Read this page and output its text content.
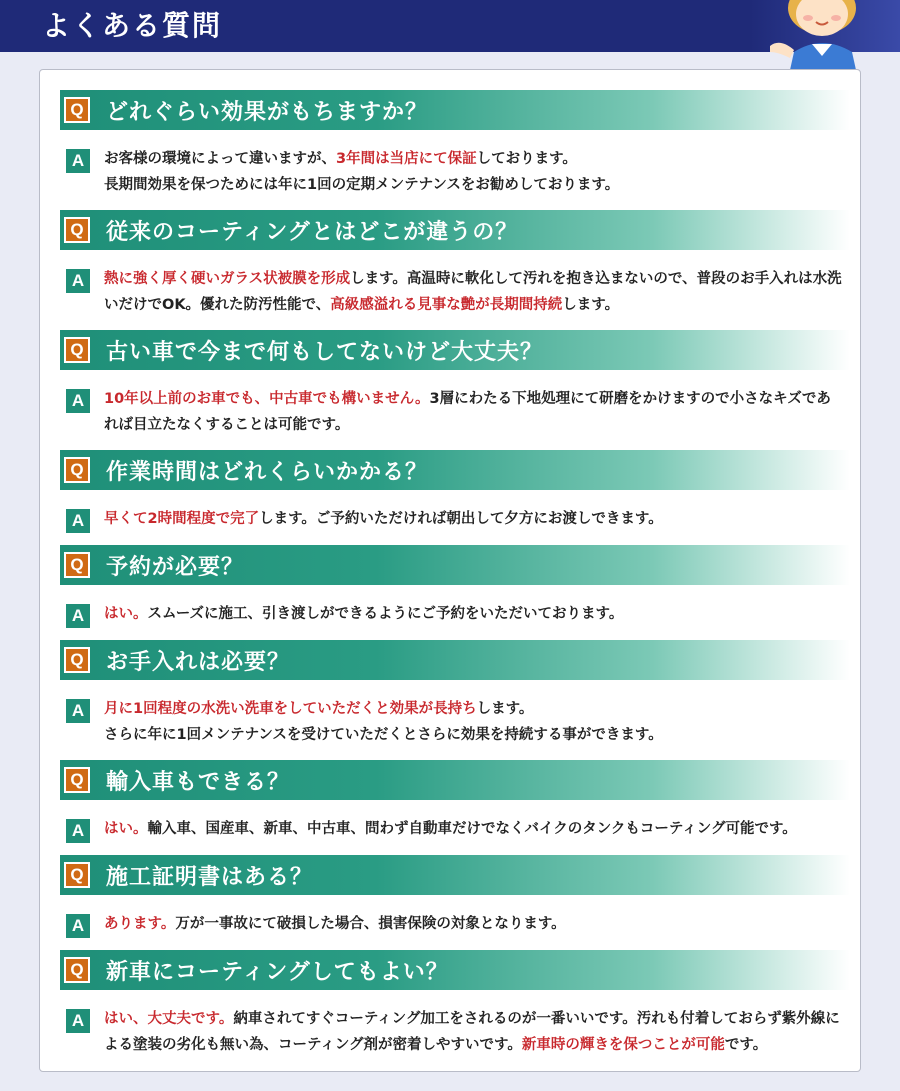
よくある質問
Q どれぐらい効果がもちますか？
A	お客様の環境によって違いますが、3年間は当店にて保証しております。
長期間効果を保つためには年に1回の定期メンテナンスをお勧めしております。
Q 従来のコーティングとはどこが違うの？
A	熱に強く厚く硬いガラス状被膜を形成します。高温時に軟化して汚れを抱き込まないので、普段のお手入れは水洗いだけでOK。優れた防汚性能で、高級感溢れる見事な艶が長期間持続します。
Q 古い車で今まで何もしてないけど大丈夫？
A	10年以上前のお車でも、中古車でも構いません。3層にわたる下地処理にて研磨をかけますので小さなキズであれば目立たなくすることは可能です。
Q 作業時間はどれくらいかかる？
A	早くて2時間程度で完了します。ご予約いただければ朝出して夕方にお渡しできます。
Q 予約が必要？
A	はい。スムーズに施工、引き渡しができるようにご予約をいただいております。
Q お手入れは必要？
A	月に1回程度の水洗い洗車をしていただくと効果が長持ちします。
さらに年に1回メンテナンスを受けていただくとさらに効果を持続する事ができます。
Q 輸入車もできる？
A	はい。輸入車、国産車、新車、中古車、問わず自動車だけでなくバイクのタンクもコーティング可能です。
Q 施工証明書はある？
A	あります。万が一事故にて破損した場合、損害保険の対象となります。
Q 新車にコーティングしてもよい？
A	はい、大丈夫です。納車されてすぐコーティング加工をされるのが一番いいです。汚れも付着しておらず紫外線による塗装の劣化も無い為、コーティング剤が密着しやすいです。新車時の輝きを保つことが可能です。
